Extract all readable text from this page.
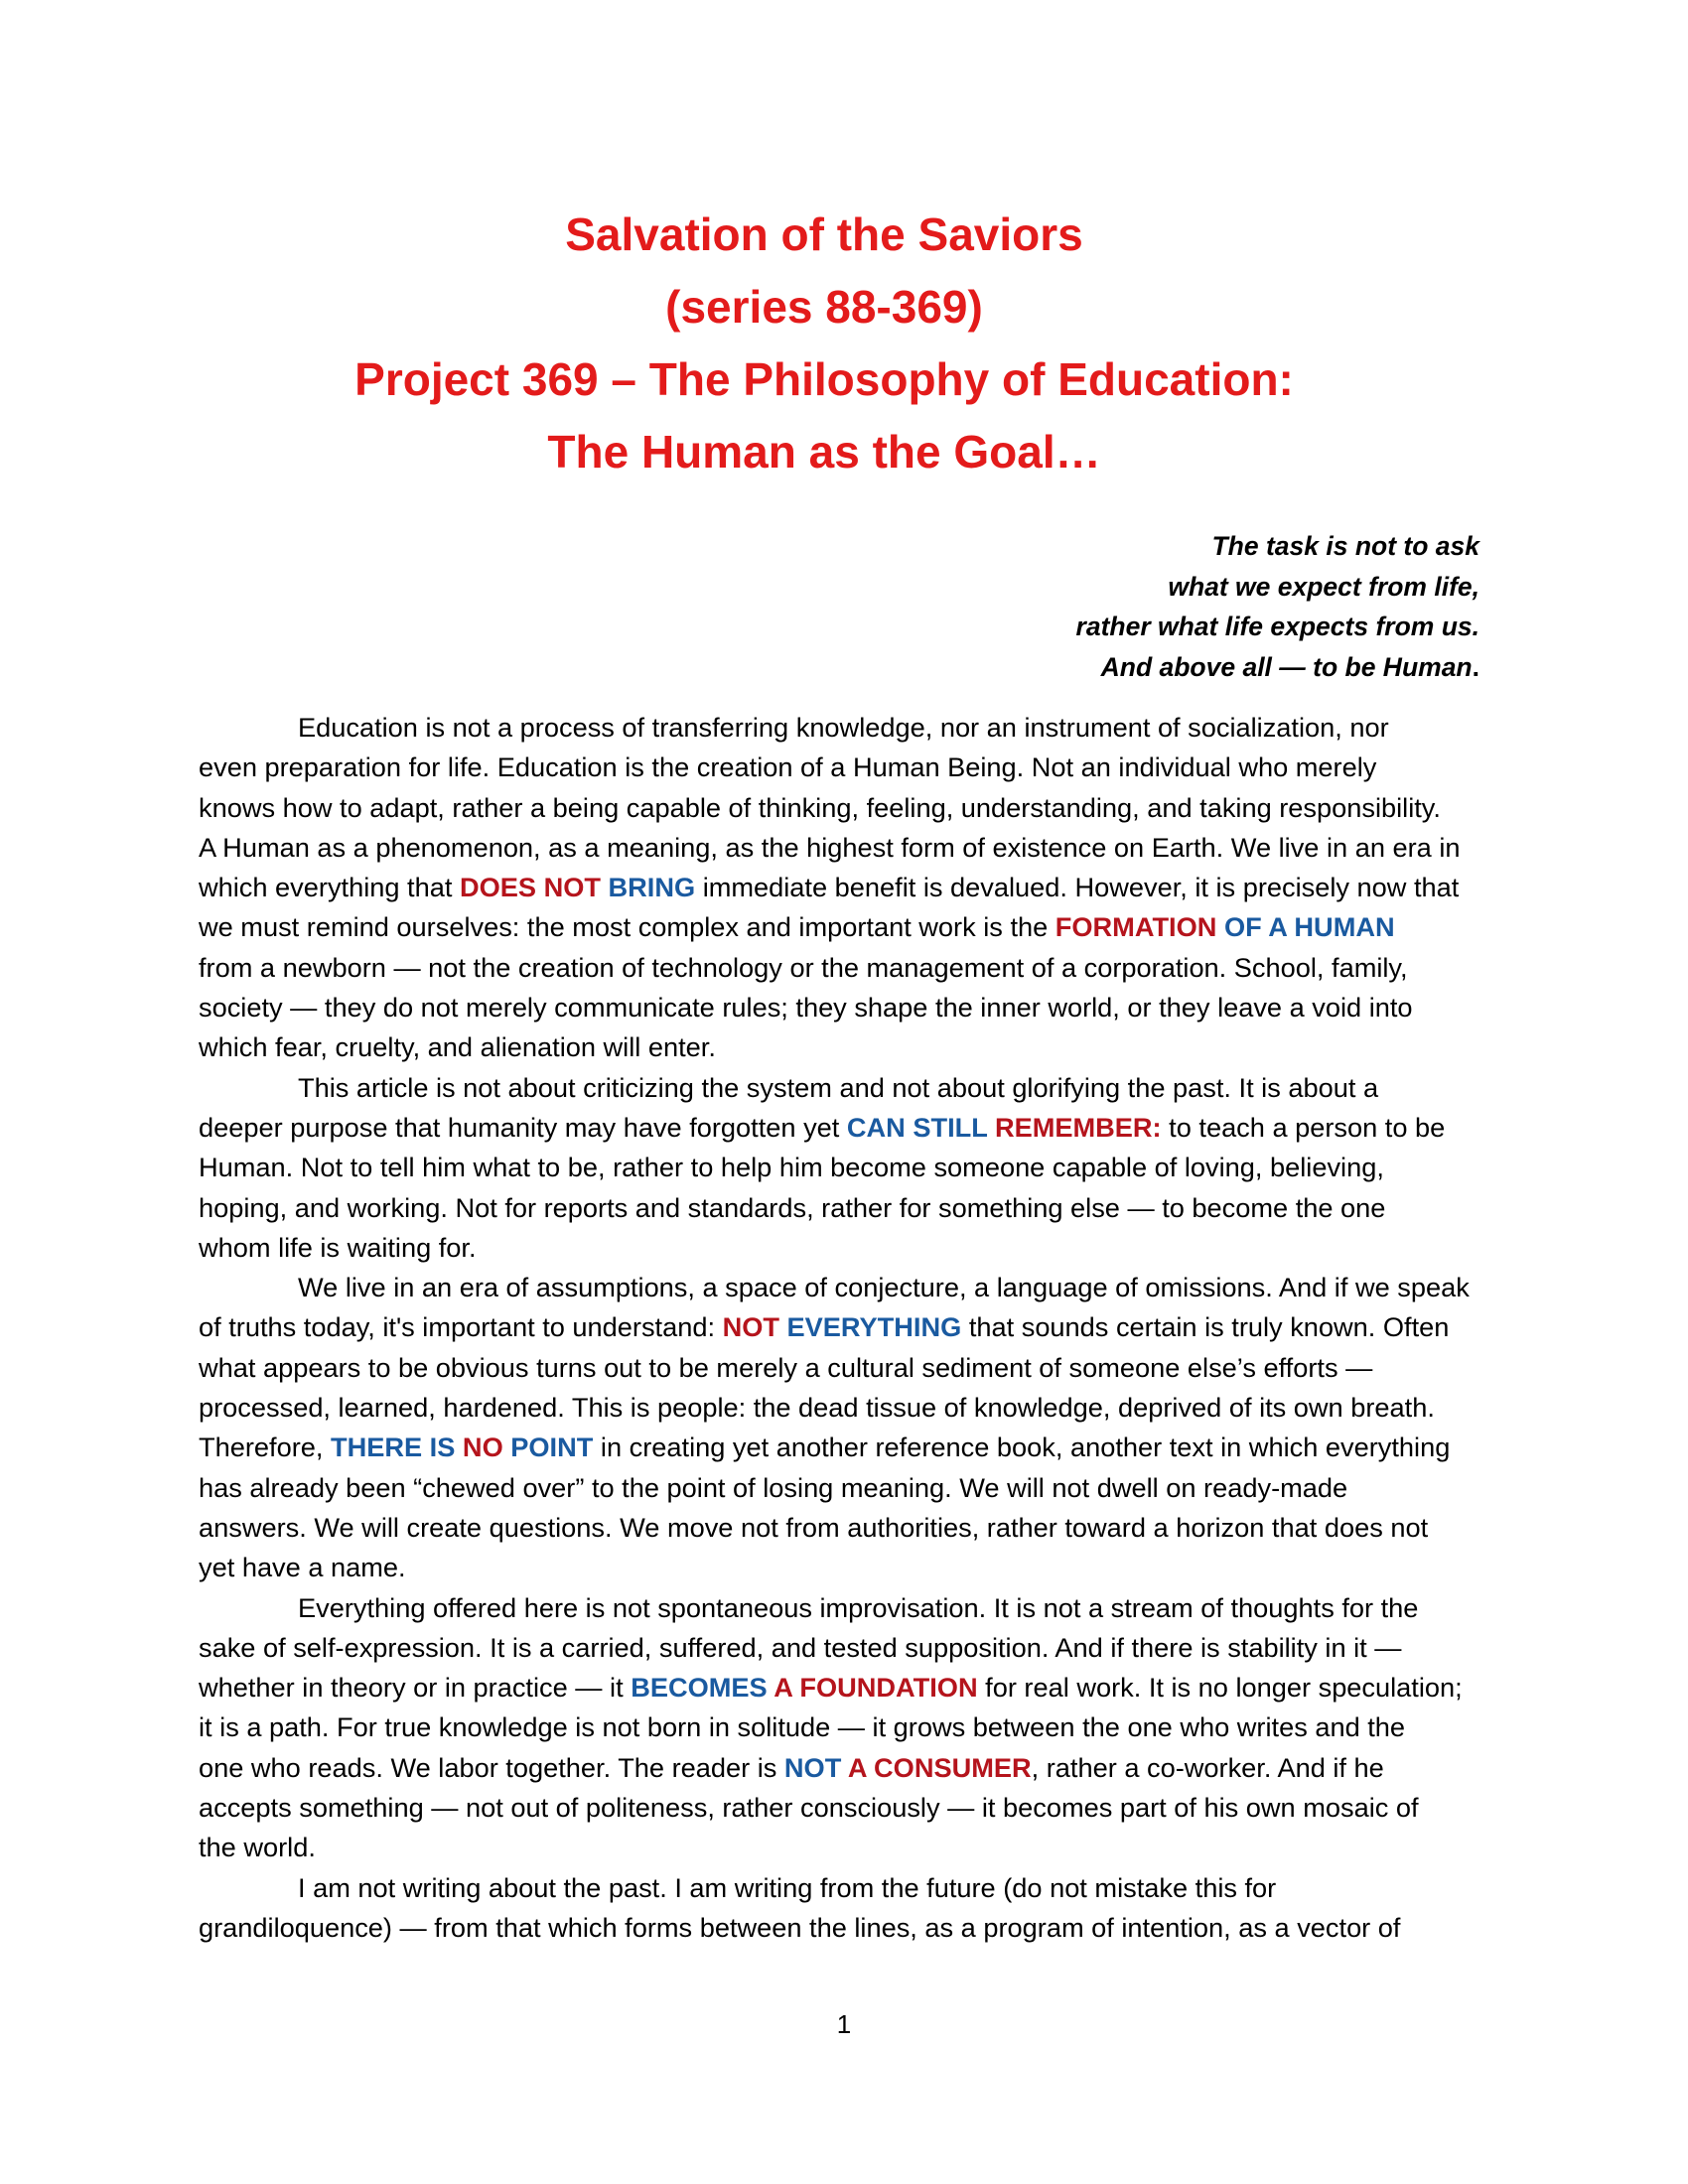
Salvation of the Saviors
(series 88-369)
Project 369 – The Philosophy of Education:
The Human as the Goal…
The task is not to ask
what we expect from life,
rather what life expects from us.
And above all — to be Human.
Education is not a process of transferring knowledge, nor an instrument of socialization, nor
even preparation for life. Education is the creation of a Human Being. Not an individual who merely
knows how to adapt, rather a being capable of thinking, feeling, understanding, and taking responsibility.
A Human as a phenomenon, as a meaning, as the highest form of existence on Earth. We live in an era in
which everything that DOES NOT BRING immediate benefit is devalued. However, it is precisely now that
we must remind ourselves: the most complex and important work is the FORMATION OF A HUMAN
from a newborn — not the creation of technology or the management of a corporation. School, family,
society — they do not merely communicate rules; they shape the inner world, or they leave a void into
which fear, cruelty, and alienation will enter.
This article is not about criticizing the system and not about glorifying the past. It is about a
deeper purpose that humanity may have forgotten yet CAN STILL REMEMBER: to teach a person to be
Human. Not to tell him what to be, rather to help him become someone capable of loving, believing,
hoping, and working. Not for reports and standards, rather for something else — to become the one
whom life is waiting for.
We live in an era of assumptions, a space of conjecture, a language of omissions. And if we speak
of truths today, it's important to understand: NOT EVERYTHING that sounds certain is truly known. Often
what appears to be obvious turns out to be merely a cultural sediment of someone else’s efforts —
processed, learned, hardened. This is people: the dead tissue of knowledge, deprived of its own breath.
Therefore, THERE IS NO POINT in creating yet another reference book, another text in which everything
has already been “chewed over” to the point of losing meaning. We will not dwell on ready-made
answers. We will create questions. We move not from authorities, rather toward a horizon that does not
yet have a name.
Everything offered here is not spontaneous improvisation. It is not a stream of thoughts for the
sake of self-expression. It is a carried, suffered, and tested supposition. And if there is stability in it —
whether in theory or in practice — it BECOMES A FOUNDATION for real work. It is no longer speculation;
it is a path. For true knowledge is not born in solitude — it grows between the one who writes and the
one who reads. We labor together. The reader is NOT A CONSUMER, rather a co-worker. And if he
accepts something — not out of politeness, rather consciously — it becomes part of his own mosaic of
the world.
I am not writing about the past. I am writing from the future (do not mistake this for
grandiloquence) — from that which forms between the lines, as a program of intention, as a vector of
1
